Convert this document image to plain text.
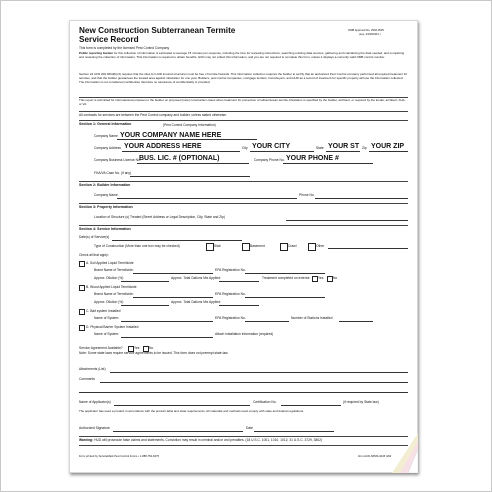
New Construction Subterranean Termite
Service Record
OMB Approval No. 2502-0525
(exp. 04/30/2011 )
This form is completed by the licensed Pest Control Company
Public reporting burden for this collection of information is estimated to average 15 minutes per response, including the time for reviewing instructions, searching existing data sources, gathering and maintaining the data needed, and completing and reviewing the collection of information. This information is required to obtain benefits. HUD may not collect this information, and you are not required to complete this form, unless it displays a currently valid OMB control number.
Section 24 CFR 200.926d(b)(3) requires that the sites for HUD insured structures must be free of termite hazards. This information collection requires the builder to certify that an authorized Pest Control company performed all required treatment for termites, and that the builder guarantees the treated area against infestation for one year. Builders, pest control companies, mortgage lenders, homebuyers, and HUD as a record of treatment for specific property will use the information collected. The information is not considered confidential, therefore no assurance of confidentiality is provided.
This report is submitted for informational purposes to the builder on proposed (new) construction cases when treatment for prevention of subterranean termite infestation is specified by the builder, architect, or required by the lender, architect, FHA, or VA.
All contracts for services are between the Pest Control company and builder, unless stated otherwise.
Section 1: General Information	(Pest Control Company Information)
Company Name YOUR COMPANY NAME HERE
Company Address YOUR ADDRESS HERE	City YOUR CITY	State YOUR ST Zip YOUR ZIP
Company Business License No.
BUS. LIC. # (OPTIONAL)	Company Phone No. YOUR PHONE #
FHA/VA Case No. (if any)
Section 2: Builder Information
Company Name	Phone No.
Section 3: Property Information
Location of Structure (s) Treated (Street Address or Legal Description, City, State and Zip)
Section 4: Service Information
Date(s) of Service(s)
Type of Construction (More than one box may be checked)	Slab	Basement	Crawl	Other
Check all that apply:
A. Soil Applied Liquid Termiticide
Brand Name of Termiticide:	EPA Registration No.
Approx. Dilution (%)	Approx. Total Gallons Mix Applied:	Treatment completed on exterior: Yes	No
B. Wood Applied Liquid Termiticide
Brand Name of Termiticide:	EPA Registration No.
Approx. Dilution (%)	Approx. Total Gallons Mix Applied:
C. Bait system Installed
Name of System	EPA Registration No.	Number of Stations Installed
D. Physical Barrier System Installed
Name of System	Attach installation information (required)
Service Agreement Available?	Yes	No
Note: Some state laws require service agreements to be issued. This form does not preempt state law.
Attachments (List)
Comments
Name of Applicator(s)	Certification No.	(if required by State law)
The applicator has used a product in accordance with the product label and state requirements. All materials and methods used comply with state and federal regulations.
Authorized Signature	Date
Warning: HUD will prosecute false claims and statements. Conviction may result in criminal and/or civil penalties. (18 U.S.C. 1001, 1010, 1012; 31 U.S.C. 3729, 3802)
Form printed by ServiceMark Pest Control Forms • 1-888-752-6275	form HUD-NPMA-99-B (202
